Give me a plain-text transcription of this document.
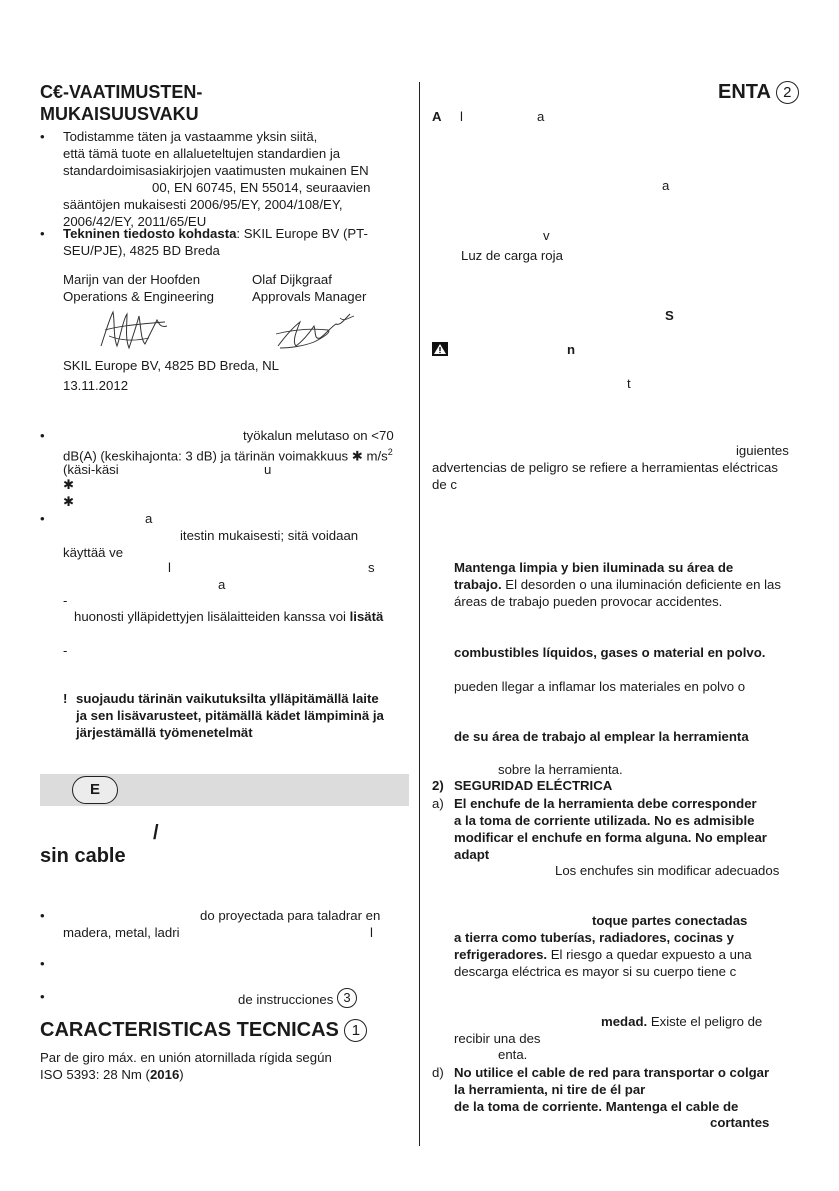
C€-VAATIMUSTEN-
MUKAISUUSVAKU
• Todistamme täten ja vastaamme yksin siitä,
että tämä tuote en allalueteltujen standardien ja
standardoimisasiakirjojen vaatimusten mukainen EN
00, EN 60745, EN 55014, seuraavien
sääntöjen mukaisesti 2006/95/EY, 2004/108/EY,
2006/42/EY, 2011/65/EU
• Tekninen tiedosto kohdasta: SKIL Europe BV (PT-
SEU/PJE), 4825 BD Breda
Marijn van der Hoofden
Operations & Engineering
Olaf Dijkgraaf
Approvals Manager
SKIL Europe BV, 4825 BD Breda, NL
13.11.2012
•	työkalun melutaso on <70
dB(A) (keskihajonta: 3 dB) ja tärinän voimakkuus ✱ $m/s^2$
(käsi-käsi	u
✱
✱
•	a
itestin mukaisesti; sitä voidaan
käyttää ve
l	s
a
-
huonosti ylläpidettyjen lisälaitteiden kanssa voi lisätä
-
! suojaudu tärinän vaikutuksilta ylläpitämällä laite
ja sen lisävarusteet, pitämällä kädet lämpiminä ja
järjestämällä työmenetelmät
E
/
sin cable
•	do proyectada para taladrar en
madera, metal, ladri	l
•
•	de instrucciones 3
CARACTERISTICAS TECNICAS 1
Par de giro máx. en unión atornillada rígida según
ISO 5393: 28 Nm (2016)
ENTA 2
A l	a
a
v
Luz de carga roja
S
n
t
iguientes
advertencias de peligro se refiere a herramientas eléctricas
de c
Mantenga limpia y bien iluminada su área de
trabajo. El desorden o una iluminación deficiente en las
áreas de trabajo pueden provocar accidentes.
combustibles líquidos, gases o material en polvo.
pueden llegar a inflamar los materiales en polvo o
de su área de trabajo al emplear la herramienta
sobre la herramienta.
2) SEGURIDAD ELÉCTRICA
a) El enchufe de la herramienta debe corresponder
a la toma de corriente utilizada. No es admisible
modificar el enchufe en forma alguna. No emplear
adapt
Los enchufes sin modificar adecuados
toque partes conectadas
a tierra como tuberías, radiadores, cocinas y
refrigeradores. El riesgo a quedar expuesto a una
descarga eléctrica es mayor si su cuerpo tiene c
medad. Existe el peligro de
recibir una des
enta.
d) No utilice el cable de red para transportar o colgar
la herramienta, ni tire de él par
de la toma de corriente. Mantenga el cable de
cortantes
